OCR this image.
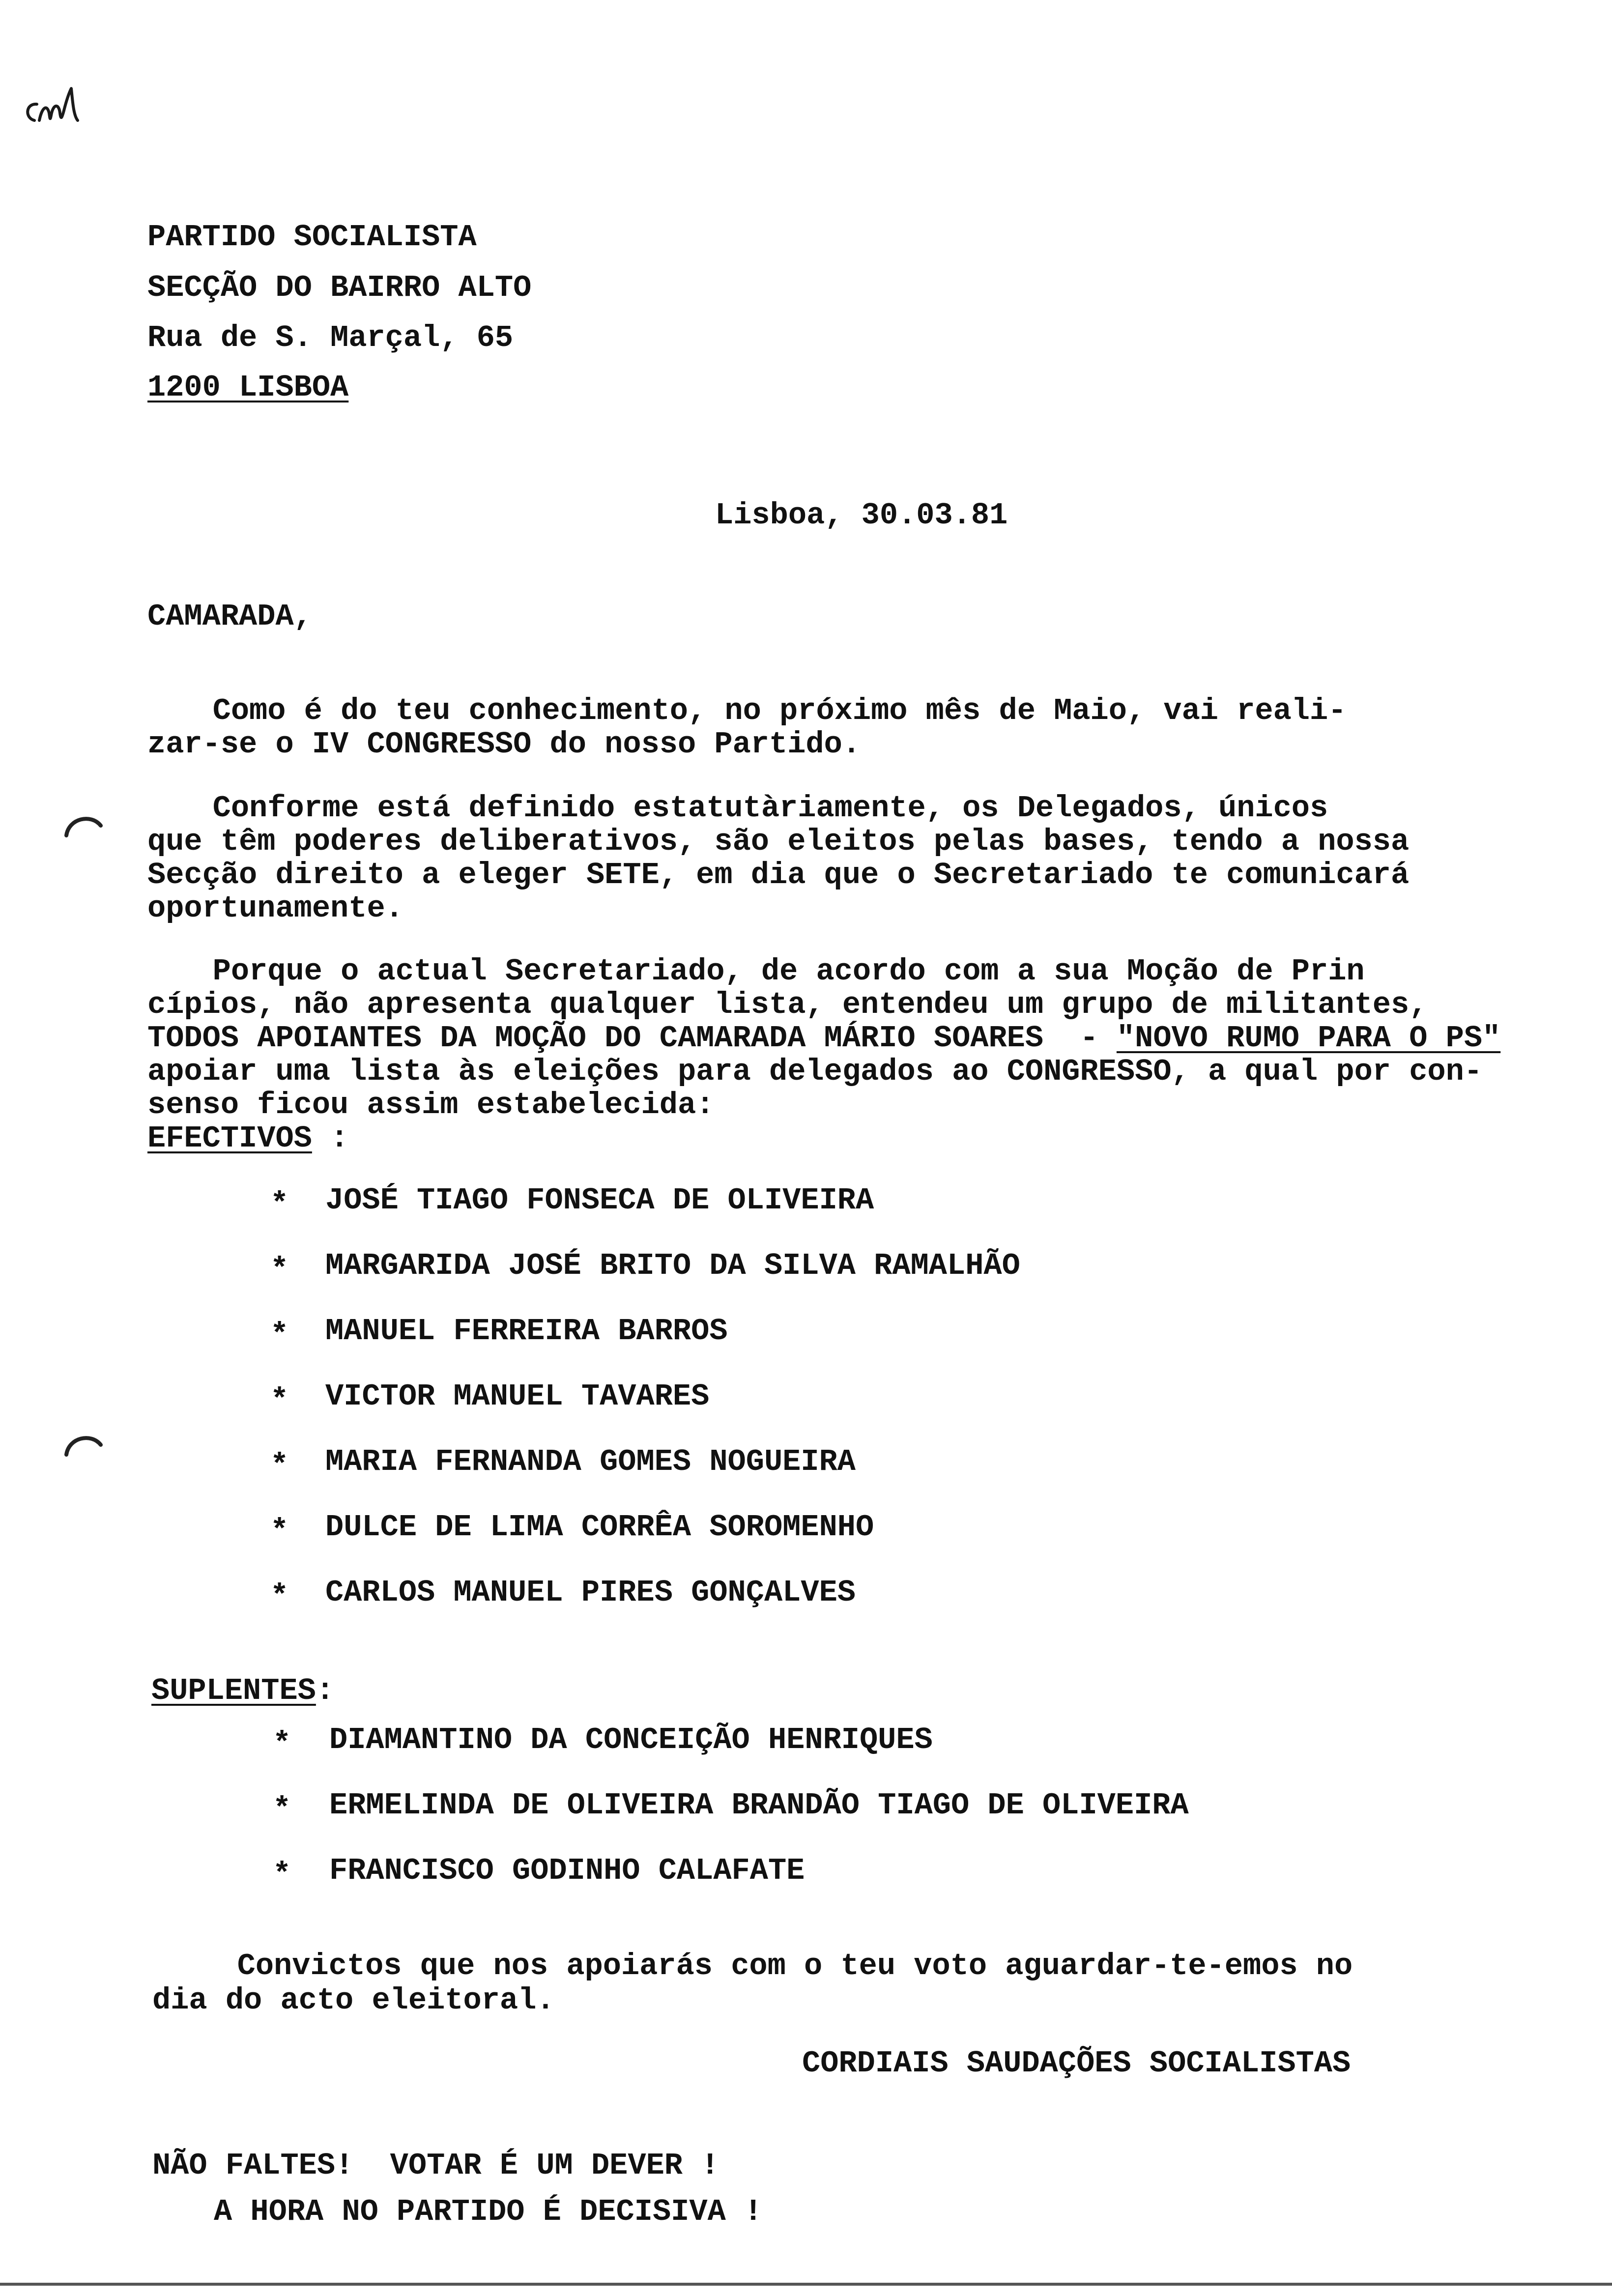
PARTIDO SOCIALISTA
SECÇÃO DO BAIRRO ALTO
Rua de S. Marçal, 65
1200 LISBOA
Lisboa, 30.03.81
CAMARADA,
Como é do teu conhecimento, no próximo mês de Maio, vai reali-
zar-se o IV CONGRESSO do nosso Partido.
Conforme está definido estatutàriamente, os Delegados, únicos
que têm poderes deliberativos, são eleitos pelas bases, tendo a nossa
Secção direito a eleger SETE, em dia que o Secretariado te comunicará
oportunamente.
Porque o actual Secretariado, de acordo com a sua Moção de Prin
cípios, não apresenta qualquer lista, entendeu um grupo de militantes,
TODOS APOIANTES DA MOÇÃO DO CAMARADA MÁRIO SOARES  - "NOVO RUMO PARA O PS"
apoiar uma lista às eleições para delegados ao CONGRESSO, a qual por con-
senso ficou assim estabelecida:
EFECTIVOS :
* JOSÉ TIAGO FONSECA DE OLIVEIRA
* MARGARIDA JOSÉ BRITO DA SILVA RAMALHÃO
* MANUEL FERREIRA BARROS
* VICTOR MANUEL TAVARES
* MARIA FERNANDA GOMES NOGUEIRA
* DULCE DE LIMA CORRÊA SOROMENHO
* CARLOS MANUEL PIRES GONÇALVES
SUPLENTES:
* DIAMANTINO DA CONCEIÇÃO HENRIQUES
* ERMELINDA DE OLIVEIRA BRANDÃO TIAGO DE OLIVEIRA
* FRANCISCO GODINHO CALAFATE
Convictos que nos apoiarás com o teu voto aguardar-te-emos no
dia do acto eleitoral.
CORDIAIS SAUDAÇÕES SOCIALISTAS
NÃO FALTES!  VOTAR É UM DEVER !
A HORA NO PARTIDO É DECISIVA !
